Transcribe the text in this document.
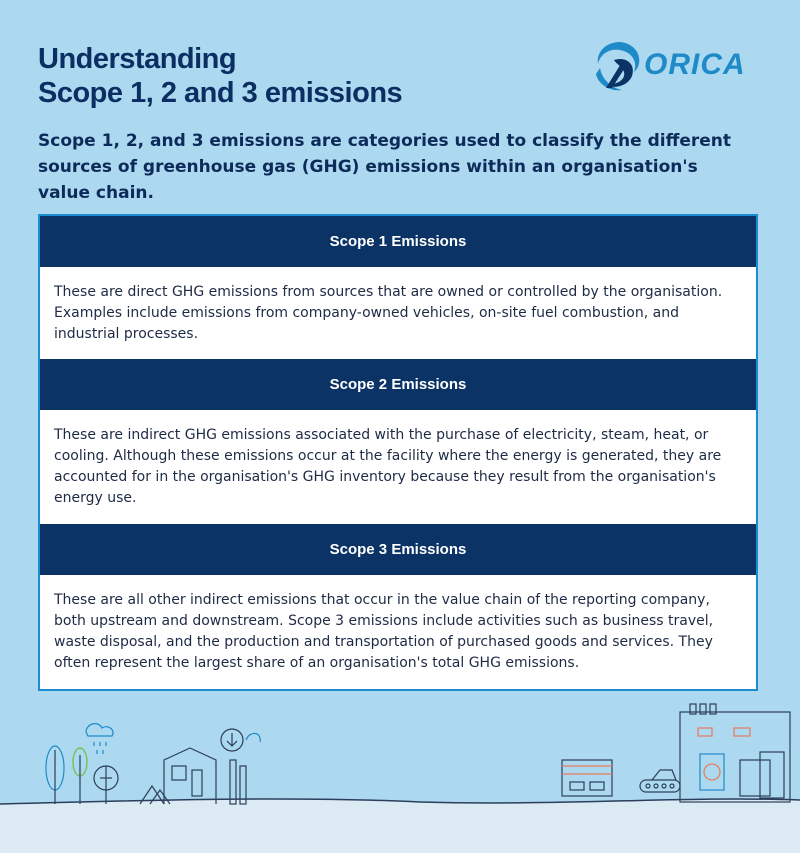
Understanding
Scope 1, 2 and 3 emissions
ORICA
Scope 1, 2, and 3 emissions are categories used to classify the different sources of greenhouse gas (GHG) emissions within an organisation's value chain.
Scope 1 Emissions
These are direct GHG emissions from sources that are owned or controlled by the organisation. Examples include emissions from company-owned vehicles, on-site fuel combustion, and industrial processes.
Scope 2 Emissions
These are indirect GHG emissions associated with the purchase of electricity, steam, heat, or cooling. Although these emissions occur at the facility where the energy is generated, they are accounted for in the organisation's GHG inventory because they result from the organisation's energy use.
Scope 3 Emissions
These are all other indirect emissions that occur in the value chain of the reporting company, both upstream and downstream. Scope 3 emissions include activities such as business travel, waste disposal, and the production and transportation of purchased goods and services. They often represent the largest share of an organisation's total GHG emissions.
